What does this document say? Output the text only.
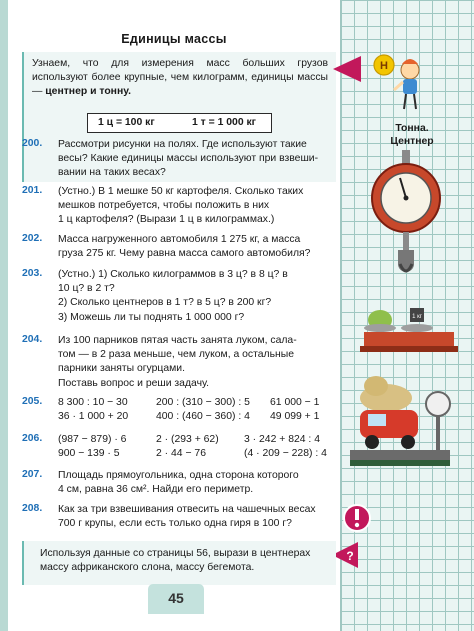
Единицы массы
Узнаем, что для измерения масс больших грузов используют более крупные, чем килограмм, единицы массы — центнер и тонну.
1 ц = 100 кг	1 т = 1 000 кг
Н
Тонна.
Центнер
1 кг
?
200. Рассмотри рисунки на полях. Где используют такие
весы? Какие единицы массы используют при взвеши-
вании на таких весах?
201. (Устно.) В 1 мешке 50 кг картофеля. Сколько таких
мешков потребуется, чтобы положить в них
1 ц картофеля? (Вырази 1 ц в килограммах.)
202. Масса нагруженного автомобиля 1 275 кг, а масса
груза 275 кг. Чему равна масса самого автомобиля?
203. (Устно.) 1) Сколько килограммов в 3 ц? в 8 ц? в
10 ц? в 2 т?
2) Сколько центнеров в 1 т? в 5 ц? в 200 кг?
3) Можешь ли ты поднять 1 000 000 г?
204. Из 100 парников пятая часть занята луком, сала-
том — в 2 раза меньше, чем луком, а остальные
парники заняты огурцами.
Поставь вопрос и реши задачу.
205. 8 300 : 10 − 30
36 · 1 000 + 20
200 : (310 − 300) : 5
400 : (460 − 360) : 4
61 000 − 1
49 099 + 1
206. (987 − 879) · 6
900 − 139 · 5
2 · (293 + 62)
2 · 44 − 76
3 · 242 + 824 : 4
(4 · 209 − 228) : 4
207. Площадь прямоугольника, одна сторона которого
4 см, равна 36 см². Найди его периметр.
208. Как за три взвешивания отвесить на чашечных весах
700 г крупы, если есть только одна гиря в 100 г?
Используя данные со страницы 56, вырази в центнерах
массу африканского слона, массу бегемота.
45
